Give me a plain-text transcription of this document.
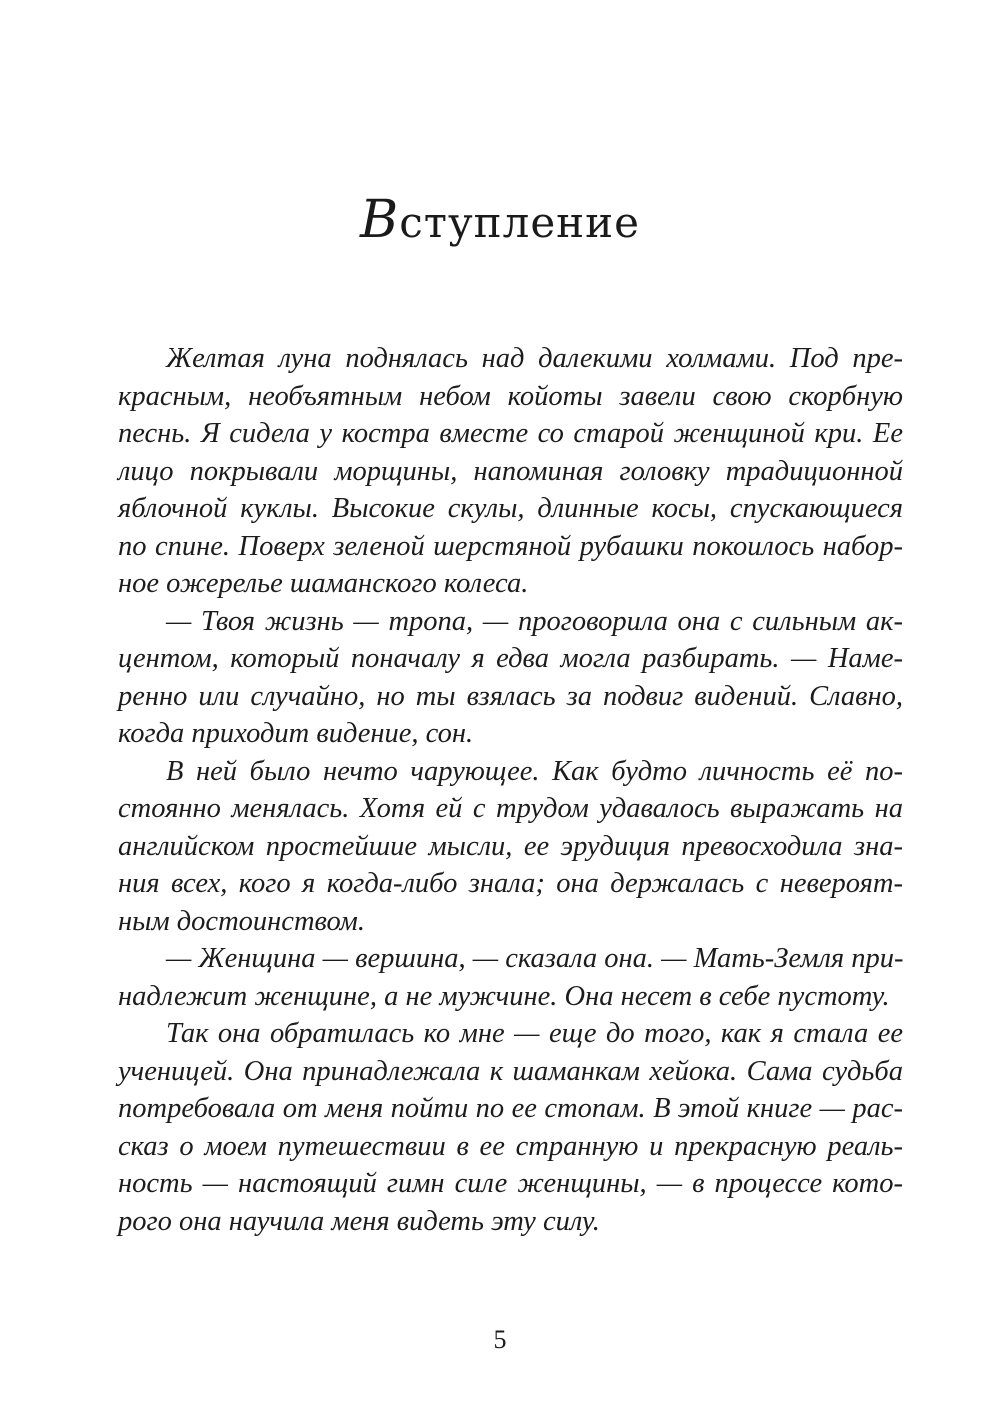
Вступление
Желтая луна поднялась над далекими холмами. Под пре-
красным, необъятным небом койоты завели свою скорбную
песнь. Я сидела у костра вместе со старой женщиной кри. Ее
лицо покрывали морщины, напоминая головку традиционной
яблочной куклы. Высокие скулы, длинные косы, спускающиеся
по спине. Поверх зеленой шерстяной рубашки покоилось набор-
ное ожерелье шаманского колеса.
— Твоя жизнь — тропа, — проговорила она с сильным ак-
центом, который поначалу я едва могла разбирать. — Наме-
ренно или случайно, но ты взялась за подвиг видений. Славно,
когда приходит видение, сон.
В ней было нечто чарующее. Как будто личность её по-
стоянно менялась. Хотя ей с трудом удавалось выражать на
английском простейшие мысли, ее эрудиция превосходила зна-
ния всех, кого я когда-либо знала; она держалась с невероят-
ным достоинством.
— Женщина — вершина, — сказала она. — Мать-Земля при-
надлежит женщине, а не мужчине. Она несет в себе пустоту.
Так она обратилась ко мне — еще до того, как я стала ее
ученицей. Она принадлежала к шаманкам хейока. Сама судьба
потребовала от меня пойти по ее стопам. В этой книге — рас-
сказ о моем путешествии в ее странную и прекрасную реаль-
ность — настоящий гимн силе женщины, — в процессе кото-
рого она научила меня видеть эту силу.
5
